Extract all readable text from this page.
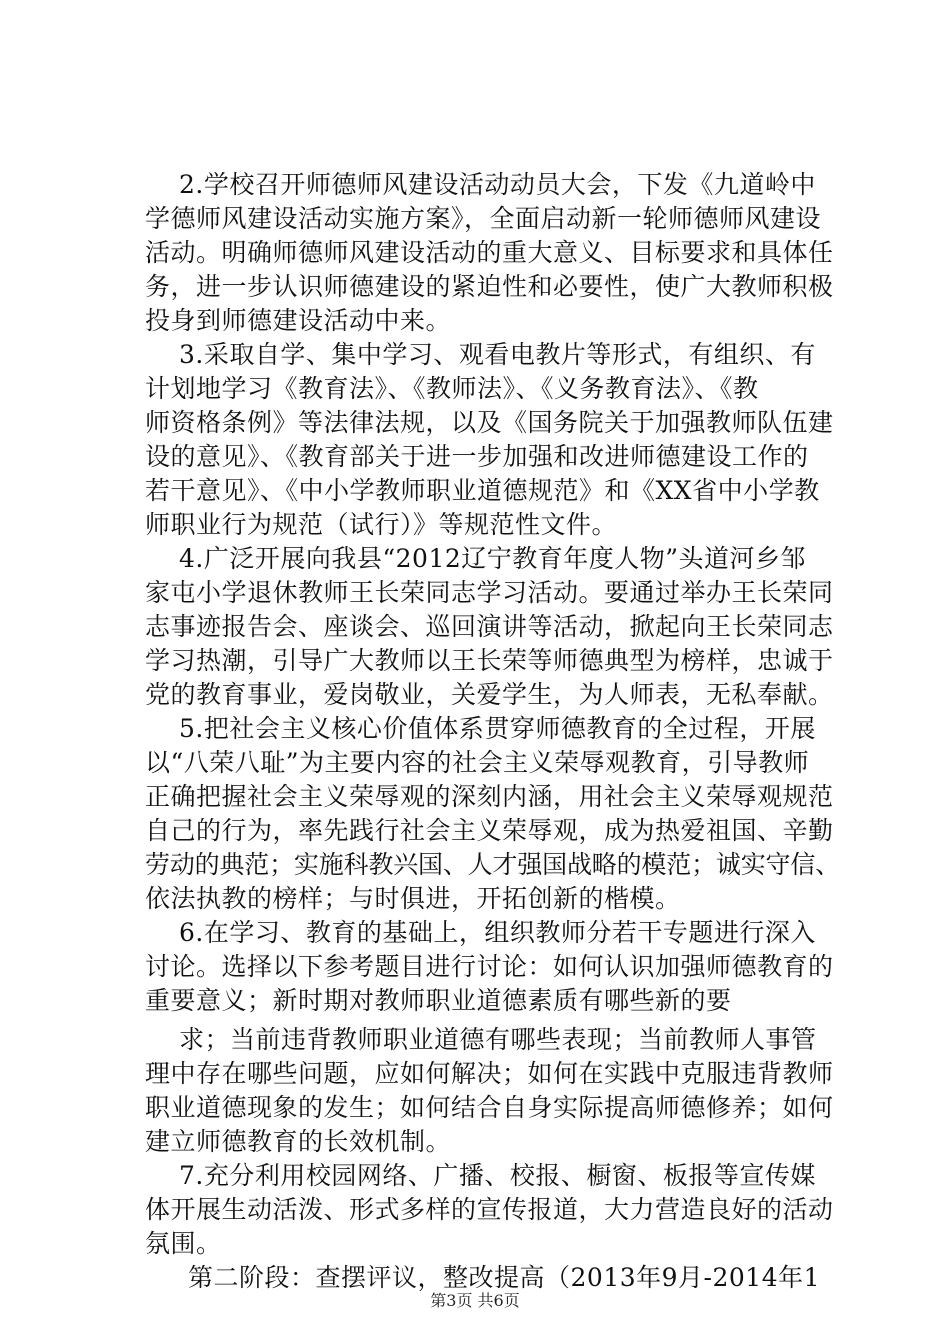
2.学校召开师德师风建设活动动员大会，下发《九道岭中
学德师风建设活动实施方案》，全面启动新一轮师德师风建设
活动。明确师德师风建设活动的重大意义、目标要求和具体任
务，进一步认识师德建设的紧迫性和必要性，使广大教师积极
投身到师德建设活动中来。
3.采取自学、集中学习、观看电教片等形式，有组织、有
计划地学习《教育法》、《教师法》、《义务教育法》、《教
师资格条例》等法律法规，以及《国务院关于加强教师队伍建
设的意见》、《教育部关于进一步加强和改进师德建设工作的
若干意见》、《中小学教师职业道德规范》和《XX省中小学教
师职业行为规范（试行）》等规范性文件。
4.广泛开展向我县“2012辽宁教育年度人物”头道河乡邹
家屯小学退休教师王长荣同志学习活动。要通过举办王长荣同
志事迹报告会、座谈会、巡回演讲等活动，掀起向王长荣同志
学习热潮，引导广大教师以王长荣等师德典型为榜样，忠诚于
党的教育事业，爱岗敬业，关爱学生，为人师表，无私奉献。
5.把社会主义核心价值体系贯穿师德教育的全过程，开展
以“八荣八耻”为主要内容的社会主义荣辱观教育，引导教师
正确把握社会主义荣辱观的深刻内涵，用社会主义荣辱观规范
自己的行为，率先践行社会主义荣辱观，成为热爱祖国、辛勤
劳动的典范；实施科教兴国、人才强国战略的模范；诚实守信、
依法执教的榜样；与时俱进，开拓创新的楷模。
6.在学习、教育的基础上，组织教师分若干专题进行深入
讨论。选择以下参考题目进行讨论：如何认识加强师德教育的
重要意义；新时期对教师职业道德素质有哪些新的要
求；当前违背教师职业道德有哪些表现；当前教师人事管
理中存在哪些问题，应如何解决；如何在实践中克服违背教师
职业道德现象的发生；如何结合自身实际提高师德修养；如何
建立师德教育的长效机制。
7.充分利用校园网络、广播、校报、橱窗、板报等宣传媒
体开展生动活泼、形式多样的宣传报道，大力营造良好的活动
氛围。
第二阶段：查摆评议，整改提高（2013年9月-2014年1
第3页 共6页
